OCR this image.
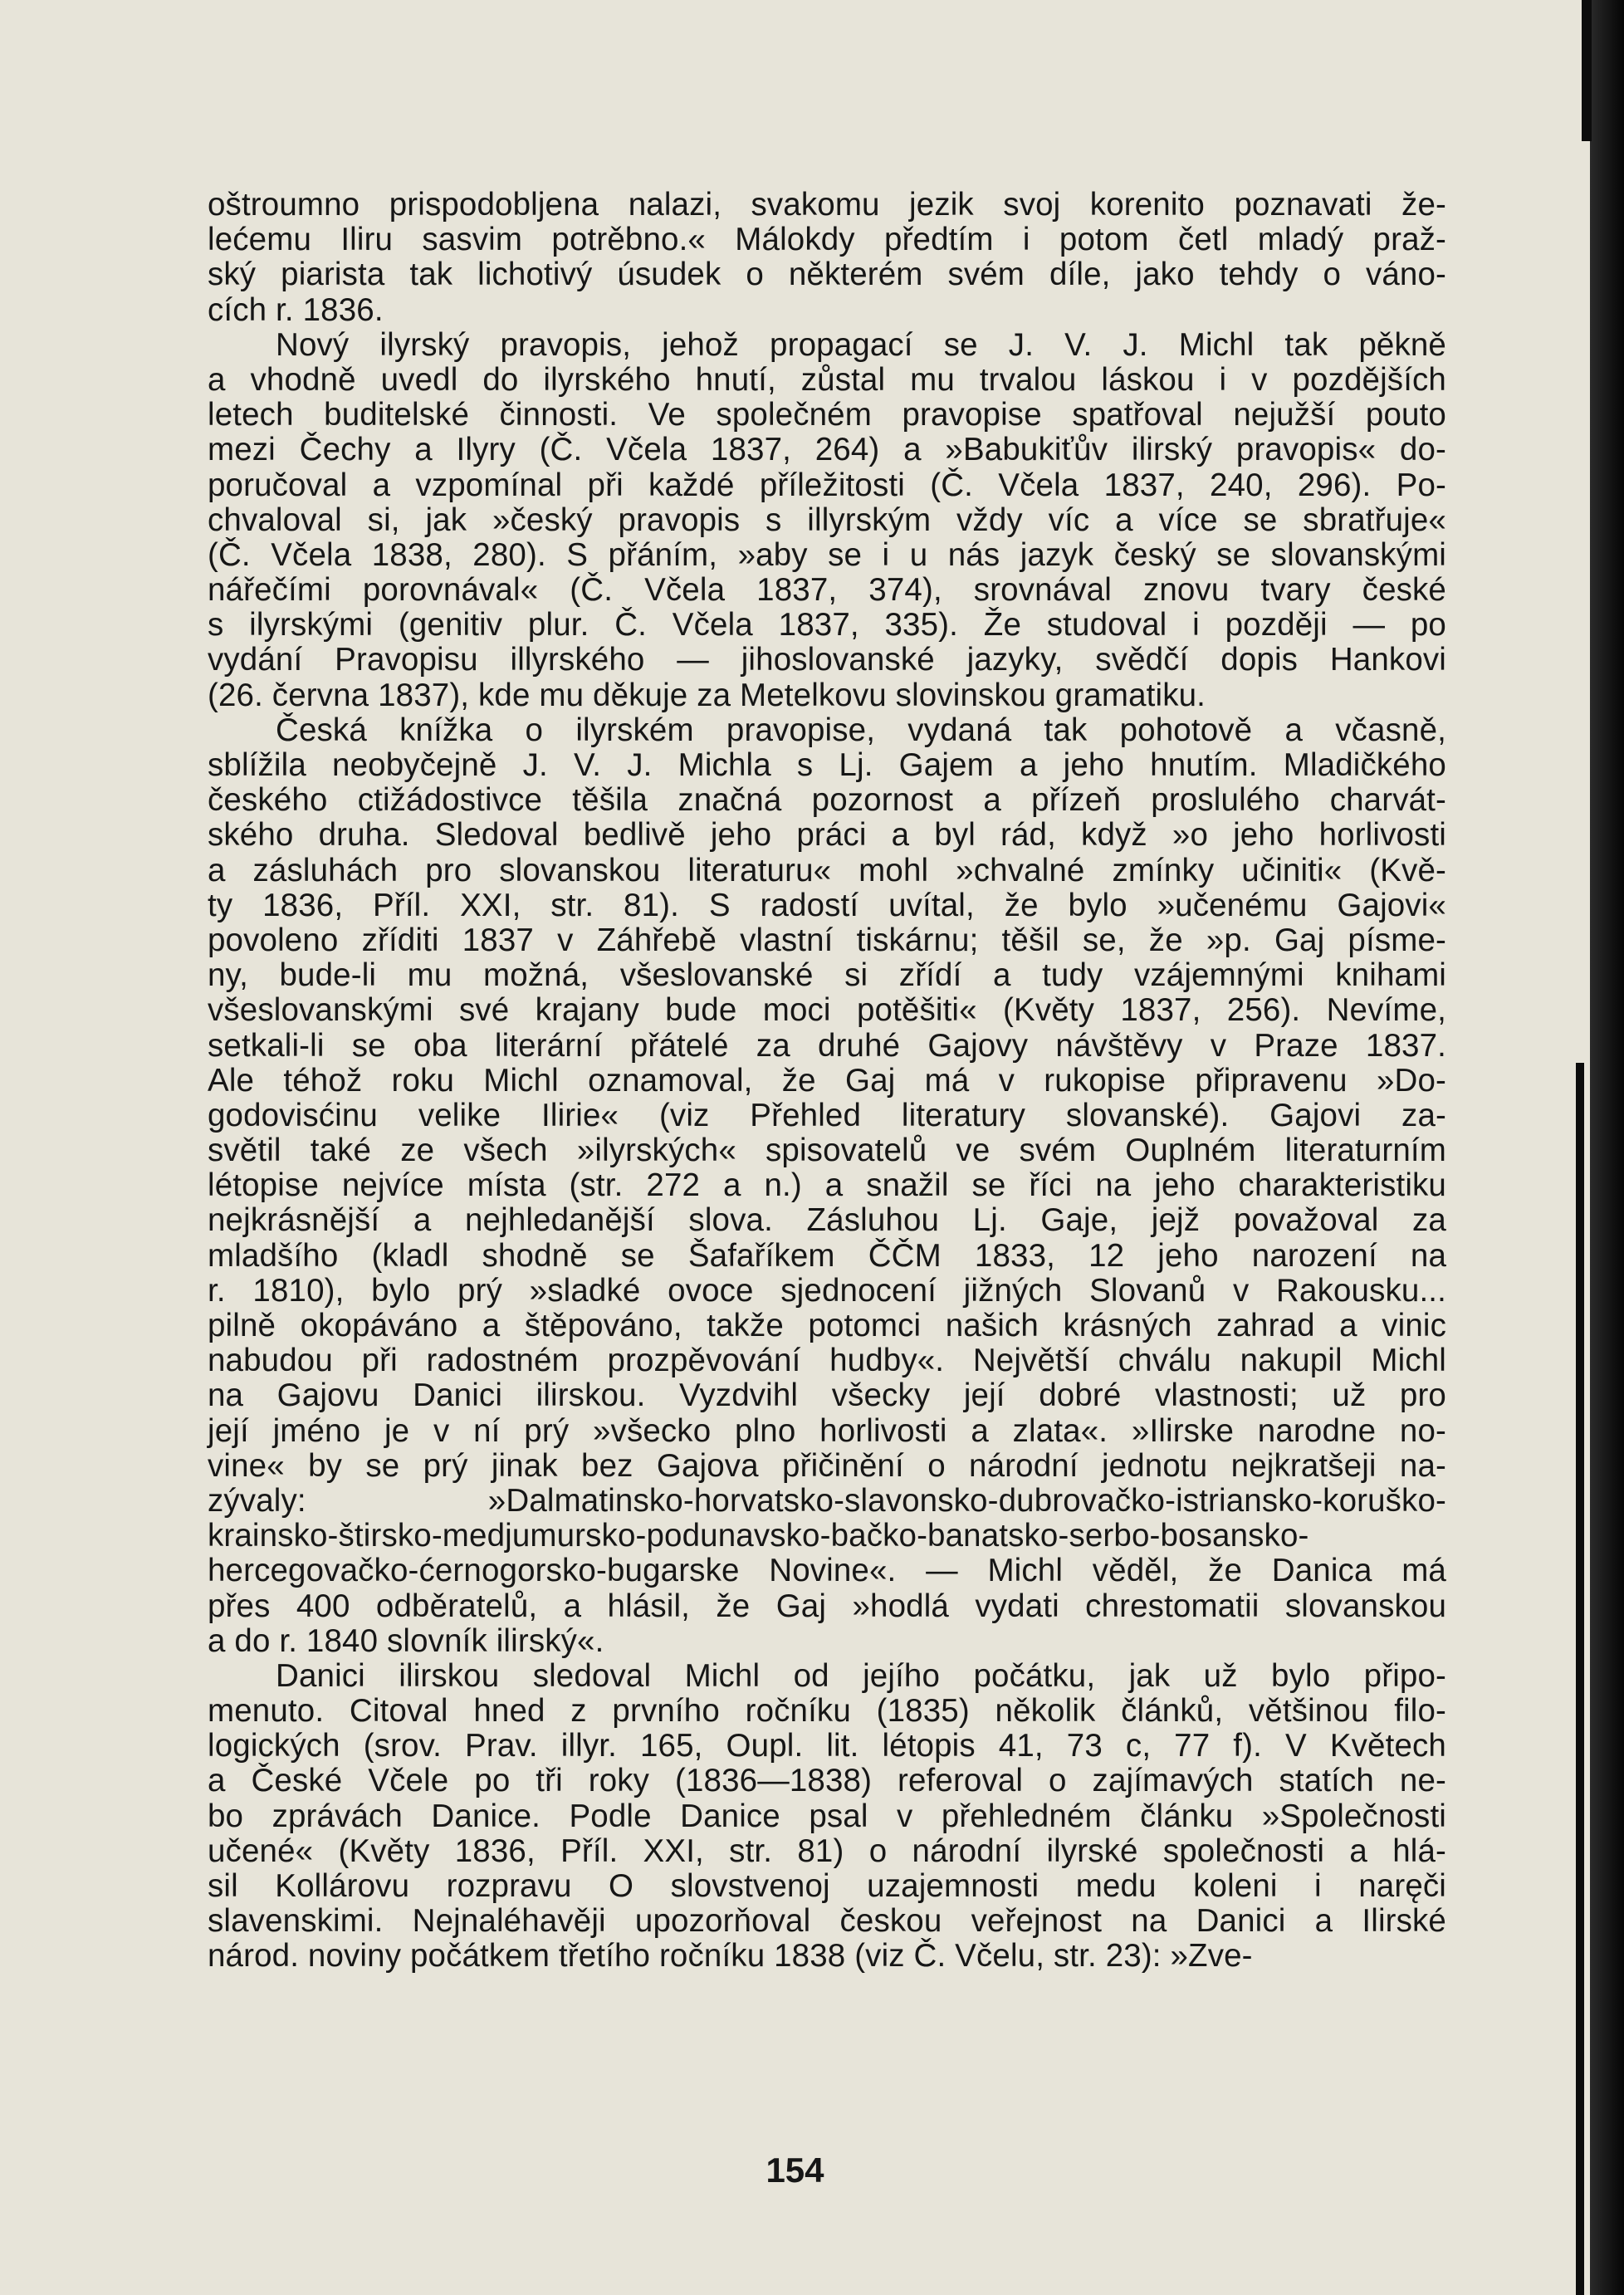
oštroumno prispodobljena nalazi, svakomu jezik svoj korenito poznavati že-
lećemu Iliru sasvim potrěbno.« Málokdy předtím i potom četl mladý praž-
ský piarista tak lichotivý úsudek o některém svém díle, jako tehdy o váno-
cích r. 1836.
Nový ilyrský pravopis, jehož propagací se J. V. J. Michl tak pěkně
a vhodně uvedl do ilyrského hnutí, zůstal mu trvalou láskou i v pozdějších
letech buditelské činnosti. Ve společném pravopise spatřoval nejužší pouto
mezi Čechy a Ilyry (Č. Včela 1837, 264) a »Babukiťův ilirský pravopis« do-
poručoval a vzpomínal při každé příležitosti (Č. Včela 1837, 240, 296). Po-
chvaloval si, jak »český pravopis s illyrským vždy víc a více se sbratřuje«
(Č. Včela 1838, 280). S přáním, »aby se i u nás jazyk český se slovanskými
nářečími porovnával« (Č. Včela 1837, 374), srovnával znovu tvary české
s ilyrskými (genitiv plur. Č. Včela 1837, 335). Že studoval i později — po
vydání Pravopisu illyrského — jihoslovanské jazyky, svědčí dopis Hankovi
(26. června 1837), kde mu děkuje za Metelkovu slovinskou gramatiku.
Česká knížka o ilyrském pravopise, vydaná tak pohotově a včasně,
sblížila neobyčejně J. V. J. Michla s Lj. Gajem a jeho hnutím. Mladičkého
českého ctižádostivce těšila značná pozornost a přízeň proslulého charvát-
ského druha. Sledoval bedlivě jeho práci a byl rád, když »o jeho horlivosti
a zásluhách pro slovanskou literaturu« mohl »chvalné zmínky učiniti« (Kvě-
ty 1836, Příl. XXI, str. 81). S radostí uvítal, že bylo »učenému Gajovi«
povoleno zříditi 1837 v Záhřebě vlastní tiskárnu; těšil se, že »p. Gaj písme-
ny, bude-li mu možná, všeslovanské si zřídí a tudy vzájemnými knihami
všeslovanskými své krajany bude moci potěšiti« (Květy 1837, 256). Nevíme,
setkali-li se oba literární přátelé za druhé Gajovy návštěvy v Praze 1837.
Ale téhož roku Michl oznamoval, že Gaj má v rukopise připravenu »Do-
godovisćinu velike Ilirie« (viz Přehled literatury slovanské). Gajovi za-
světil také ze všech »ilyrských« spisovatelů ve svém Ouplném literaturním
létopise nejvíce místa (str. 272 a n.) a snažil se říci na jeho charakteristiku
nejkrásnější a nejhledanější slova. Zásluhou Lj. Gaje, jejž považoval za
mladšího (kladl shodně se Šafaříkem ČČM 1833, 12 jeho narození na
r. 1810), bylo prý »sladké ovoce sjednocení jižných Slovanů v Rakousku...
pilně okopáváno a štěpováno, takže potomci našich krásných zahrad a vinic
nabudou při radostném prozpěvování hudby«. Největší chválu nakupil Michl
na Gajovu Danici ilirskou. Vyzdvihl všecky její dobré vlastnosti; už pro
její jméno je v ní prý »všecko plno horlivosti a zlata«. »Ilirske narodne no-
vine« by se prý jinak bez Gajova přičinění o národní jednotu nejkratšeji na-
zývaly: »Dalmatinsko-horvatsko-slavonsko-dubrovačko-istriansko-koruško-
krainsko-štirsko-medjumursko-podunavsko-bačko-banatsko-serbo-bosansko-
hercegovačko-ćernogorsko-bugarske Novine«. — Michl věděl, že Danica má
přes 400 odběratelů, a hlásil, že Gaj »hodlá vydati chrestomatii slovanskou
a do r. 1840 slovník ilirský«.
Danici ilirskou sledoval Michl od jejího počátku, jak už bylo připo-
menuto. Citoval hned z prvního ročníku (1835) několik článků, většinou filo-
logických (srov. Prav. illyr. 165, Oupl. lit. létopis 41, 73 c, 77 f). V Květech
a České Včele po tři roky (1836—1838) referoval o zajímavých statích ne-
bo zprávách Danice. Podle Danice psal v přehledném článku »Společnosti
učené« (Květy 1836, Příl. XXI, str. 81) o národní ilyrské společnosti a hlá-
sil Kollárovu rozpravu O slovstvenoj uzajemnosti medu koleni i naręči
slavenskimi. Nejnaléhavěji upozorňoval českou veřejnost na Danici a Ilirské
národ. noviny počátkem třetího ročníku 1838 (viz Č. Včelu, str. 23): »Zve-
154
